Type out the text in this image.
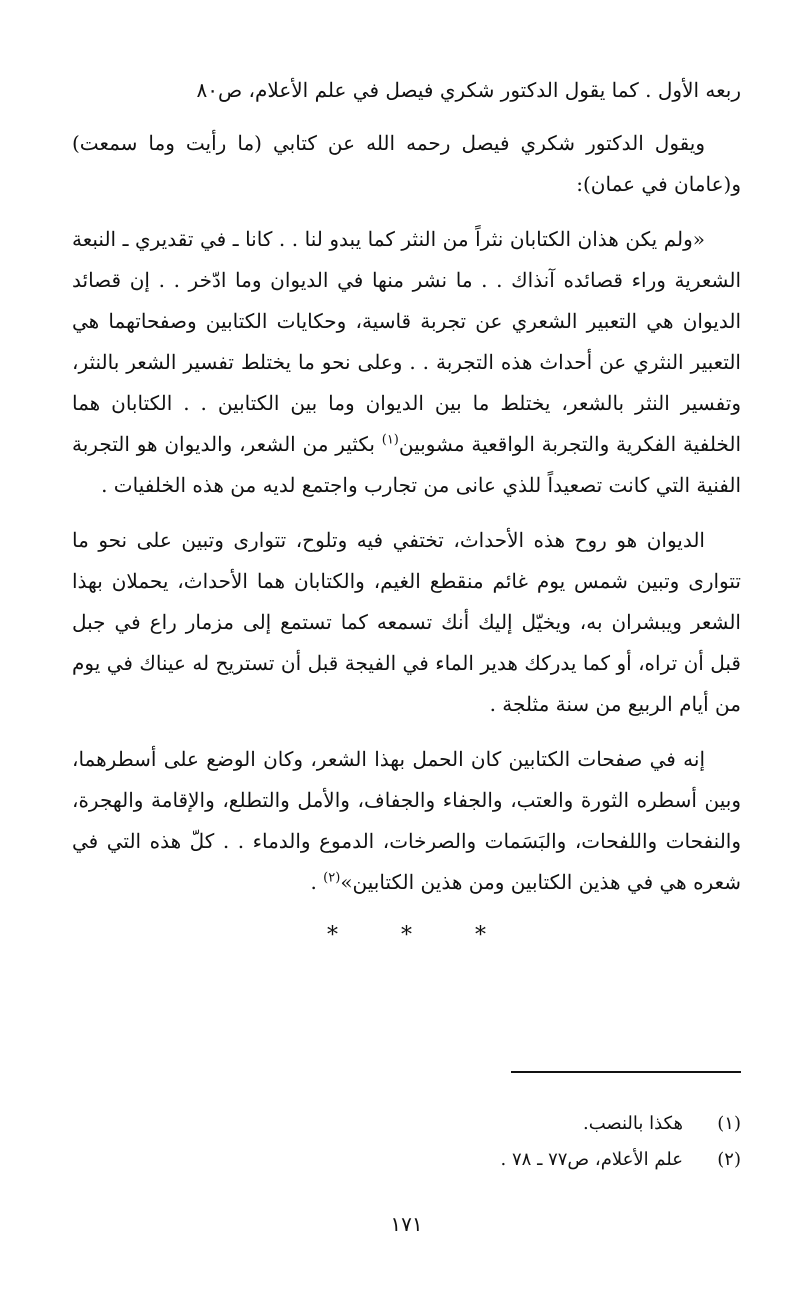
ربعه الأول . كما يقول الدكتور شكري فيصل في علم الأعلام، ص٨٠

ويقول الدكتور شكري فيصل رحمه الله عن كتابي (ما رأيت وما سمعت) و(عامان في عمان):

«ولم يكن هذان الكتابان نثراً من النثر كما يبدو لنا . . كانا ـ في تقديري ـ النبعة الشعرية وراء قصائده آنذاك . . ما نشر منها في الديوان وما ادّخر . . إن قصائد الديوان هي التعبير الشعري عن تجربة قاسية، وحكايات الكتابين وصفحاتهما هي التعبير النثري عن أحداث هذه التجربة . . وعلى نحو ما يختلط تفسير الشعر بالنثر، وتفسير النثر بالشعر، يختلط ما بين الديوان وما بين الكتابين . . الكتابان هما الخلفية الفكرية والتجربة الواقعية مشوبين$^{(١)}$ بكثير من الشعر، والديوان هو التجربة الفنية التي كانت تصعيداً للذي عانى من تجارب واجتمع لديه من هذه الخلفيات .

الديوان هو روح هذه الأحداث، تختفي فيه وتلوح، تتوارى وتبين على نحو ما تتوارى وتبين شمس يوم غائم منقطع الغيم، والكتابان هما الأحداث، يحملان بهذا الشعر ويبشران به، ويخيّل إليك أنك تسمعه كما تستمع إلى مزمار راع في جبل قبل أن تراه، أو كما يدركك هدير الماء في الفيجة قبل أن تستريح له عيناك في يوم من أيام الربيع من سنة مثلجة .

إنه في صفحات الكتابين كان الحمل بهذا الشعر، وكان الوضع على أسطرهما، وبين أسطره الثورة والعتب، والجفاء والجفاف، والأمل والتطلع، والإقامة والهجرة، والنفحات واللفحات، والبَسَمات والصرخات، الدموع والدماء . . كلّ هذه التي في شعره هي في هذين الكتابين ومن هذين الكتابين»$^{(٢)}$ .

* * *
(١)
هكذا بالنصب.
(٢)
علم الأعلام، ص٧٧ ـ ٧٨ .
١٧١
